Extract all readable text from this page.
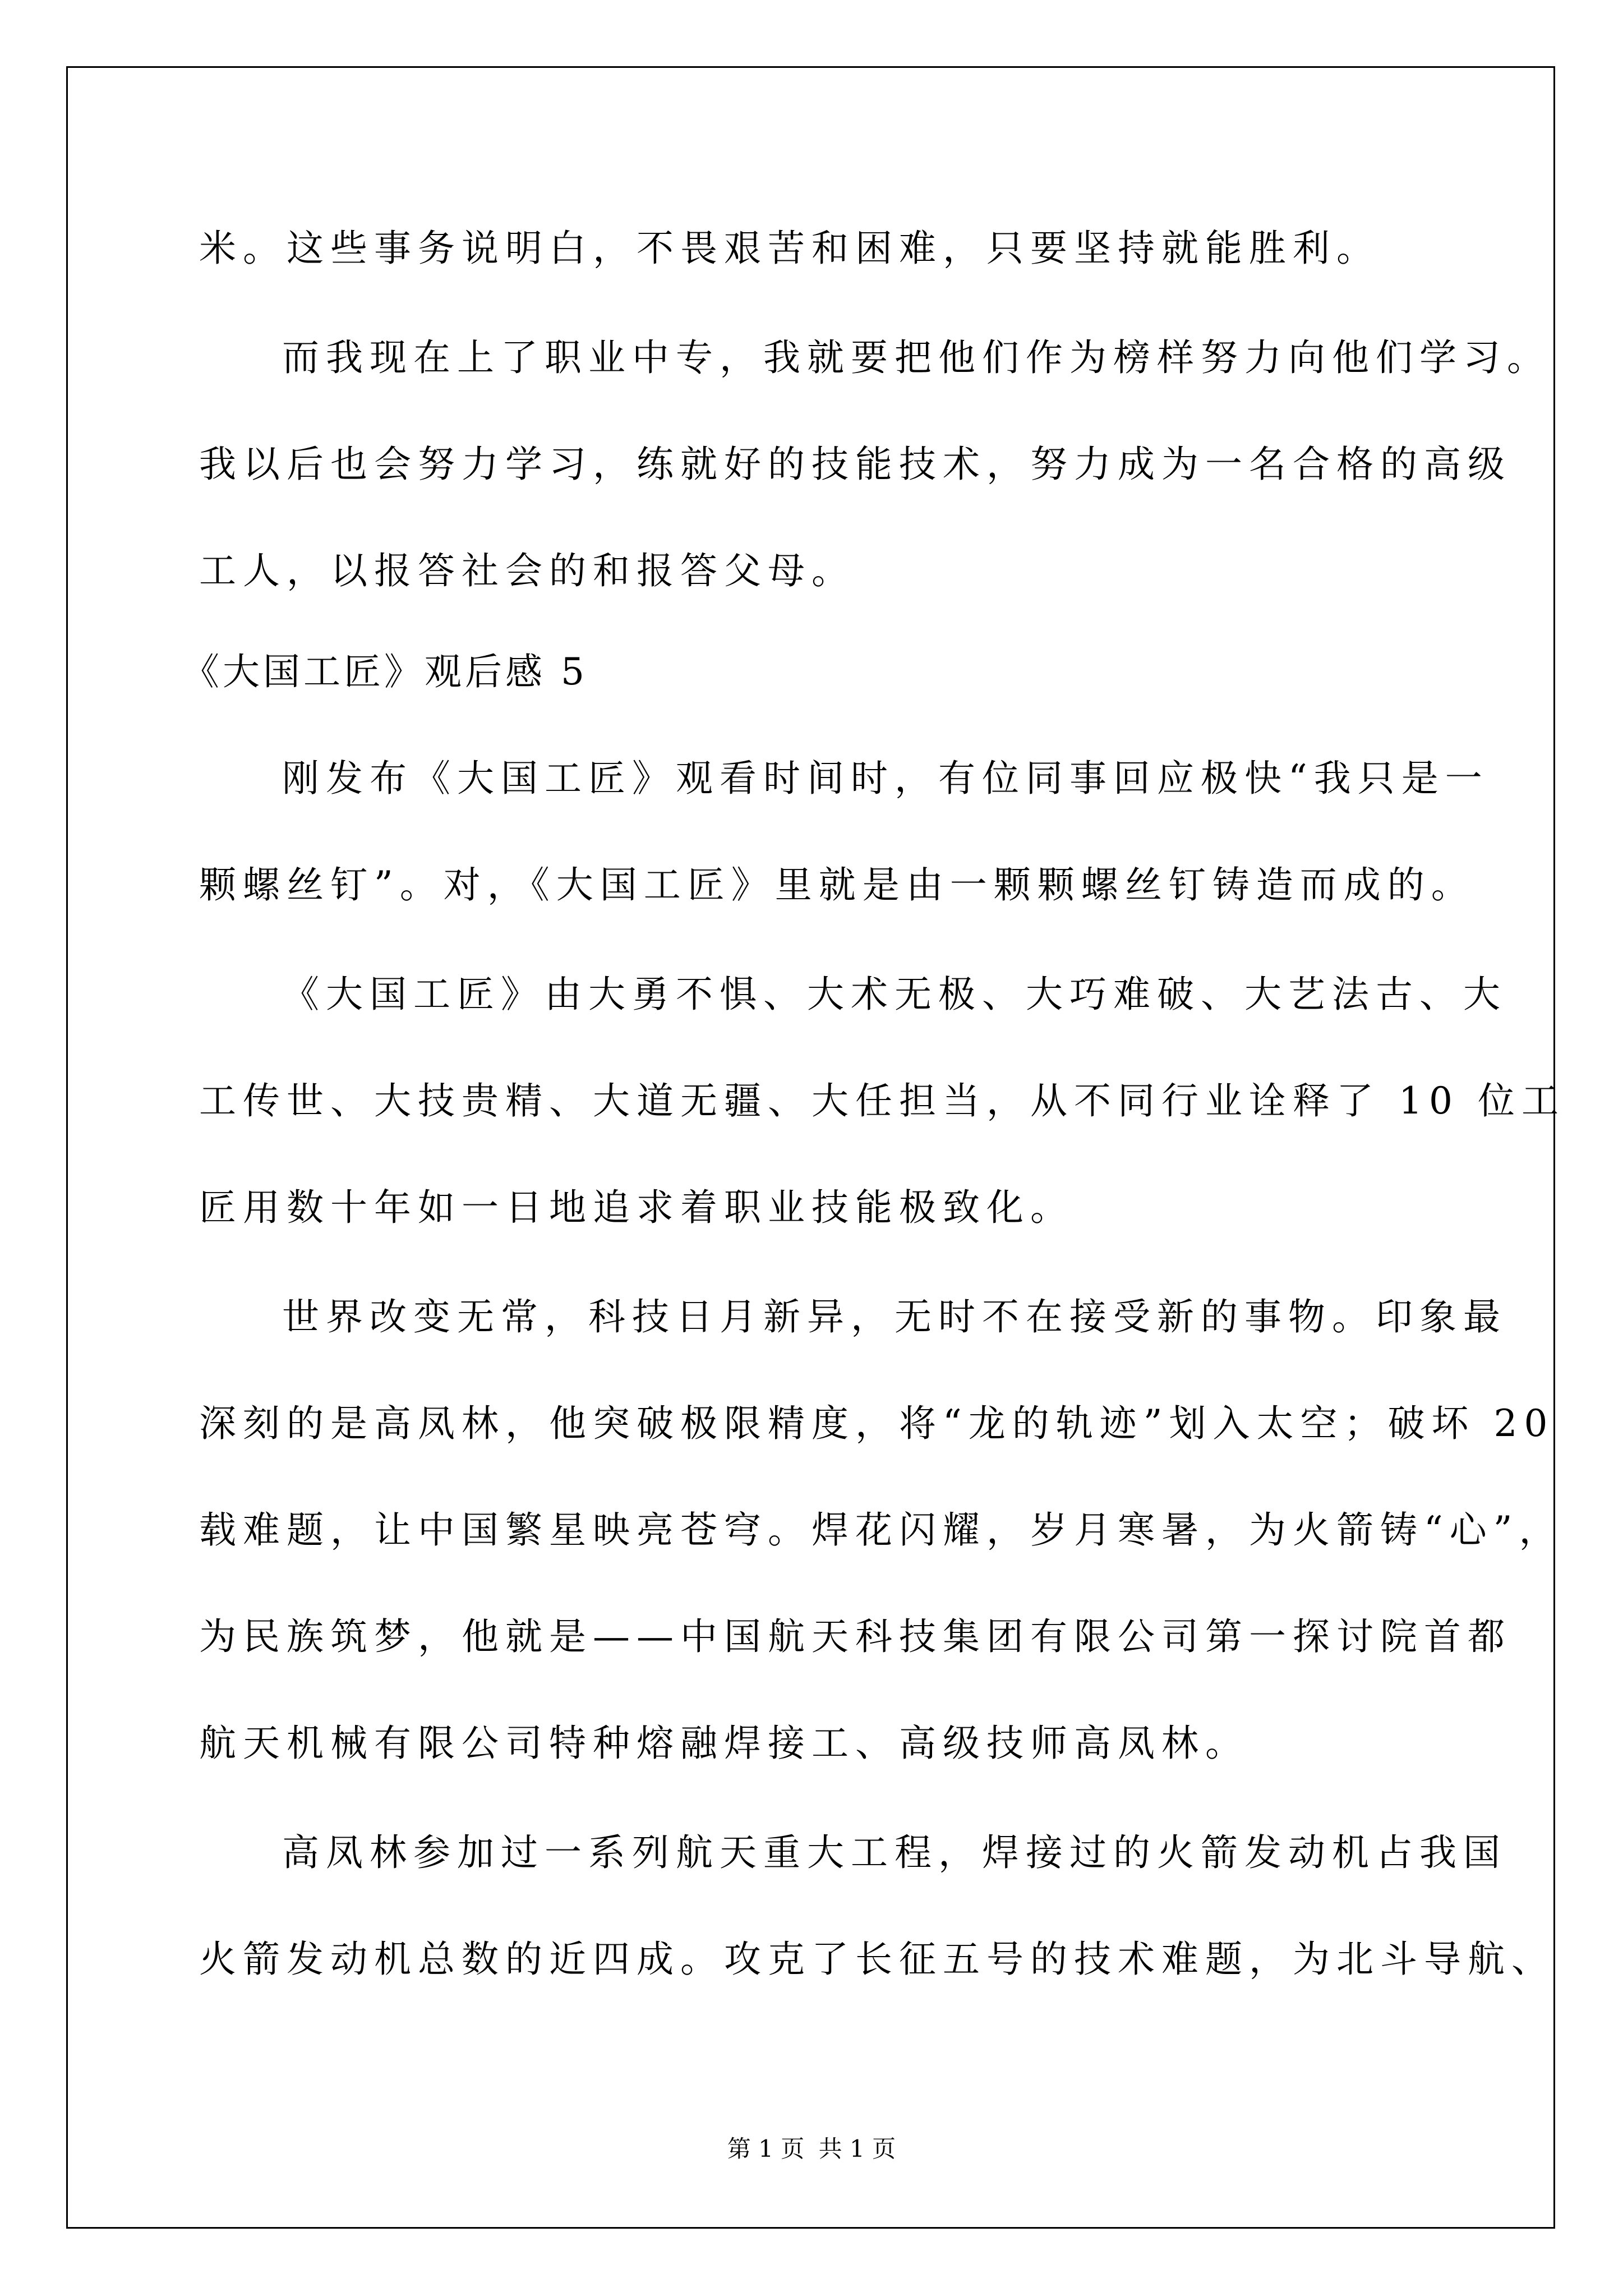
米。这些事务说明白，不畏艰苦和困难，只要坚持就能胜利。
而我现在上了职业中专，我就要把他们作为榜样努力向他们学习。
我以后也会努力学习，练就好的技能技术，努力成为一名合格的高级
工人，以报答社会的和报答父母。
《大国工匠》观后感 5
刚发布《大国工匠》观看时间时，有位同事回应极快“我只是一
颗螺丝钉”。对，《大国工匠》里就是由一颗颗螺丝钉铸造而成的。
《大国工匠》由大勇不惧、大术无极、大巧难破、大艺法古、大
工传世、大技贵精、大道无疆、大任担当，从不同行业诠释了 10 位工
匠用数十年如一日地追求着职业技能极致化。
世界改变无常，科技日月新异，无时不在接受新的事物。印象最
深刻的是高凤林，他突破极限精度，将“龙的轨迹”划入太空；破坏 20
载难题，让中国繁星映亮苍穹。焊花闪耀，岁月寒暑，为火箭铸“心”，
为民族筑梦，他就是——中国航天科技集团有限公司第一探讨院首都
航天机械有限公司特种熔融焊接工、高级技师高凤林。
高凤林参加过一系列航天重大工程，焊接过的火箭发动机占我国
火箭发动机总数的近四成。攻克了长征五号的技术难题，为北斗导航、
第 1 页 共 1 页
